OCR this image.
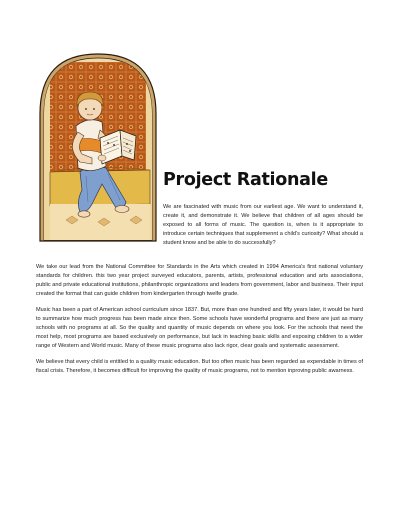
Project Rationale

We are fascinated with music from our earliest age. We want to understand it, create it, and demonstrate it. We believe that children of all ages should be exposed to all forms of music. The question is, when is it appropriate to introduce certain techniques that supplemennt a child's curiosity? What should a student know and be able to do successfully?

We take our lead from the National Committee for Standards in the Arts which created in 1994 America's first national voluntary standards for children. this two year project surveyed educators, parents, artists, professional education and arts associations, public and private educational institutions, philanthropic organizations and leaders from government, labor and business. Their input created the format that can guide children from kindergarten through twelfe grade.

Music has been a part of American school curriculum since 1837. But, more than one hundred and fifty years later, it would be hard to summarize how much progress has been made since then. Some schools have wonderful programs and there are just as many schools with no programs at all. So the quality and quantity of music depends on where you look. For the schools that need the most help, most programs are based exclusively on performance, but lack in teaching basic skills and exposing children to a wider range of Western and World music. Many of these music programs also lack rigor, clear goals and systematic assessment.

We believe that every child is entitled to a quality music education. But too often music has been regarded as expendable in times of fiscal crisis. Therefore, it becomes difficult for improving the quality of music programs, not to mention inproving public awarness.
